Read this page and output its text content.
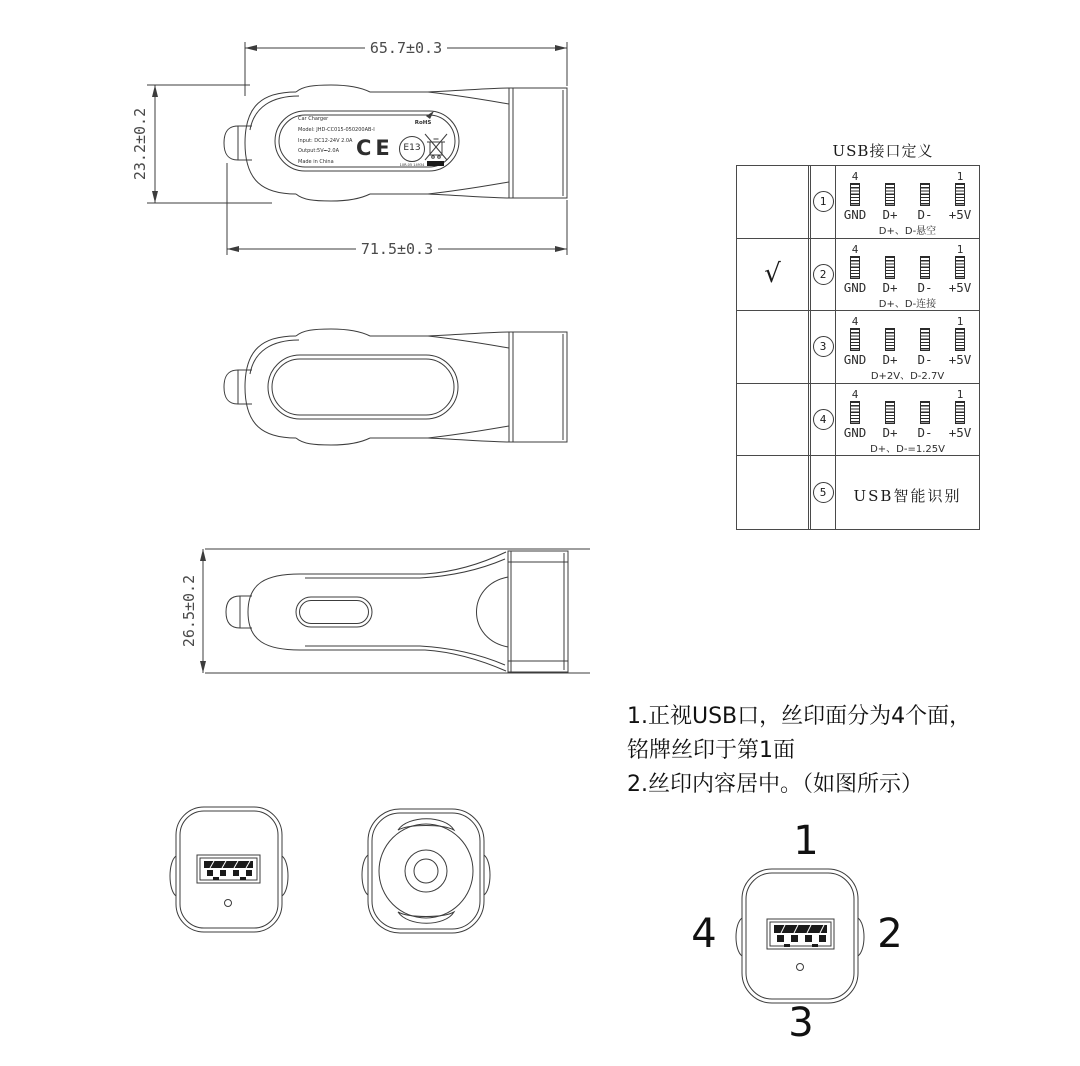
65.7±0.3
23.2±0.2
71.5±0.3
26.5±0.2
Car Charger
Model: JHD-CC015-050200AB-I
Input: DC12-24V 2.0A
Output:5V⎓2.0A
Made in China
CE E13
10R-05 14934
RoHS
USB接口定义
1
4
GND D+ D-
1
+5V
D+、D-悬空
√	2
4
GND D+ D-
1
+5V
D+、D-连接
3
4
GND D+ D-
1
+5V
D+2V、D-2.7V
4
4
GND D+ D-
1
+5V
D+、D-=1.25V
5	USB智能识别
1.正视USB口，丝印面分为4个面，
铭牌丝印于第1面
2.丝印内容居中。（如图所示）
1
2
3
4
